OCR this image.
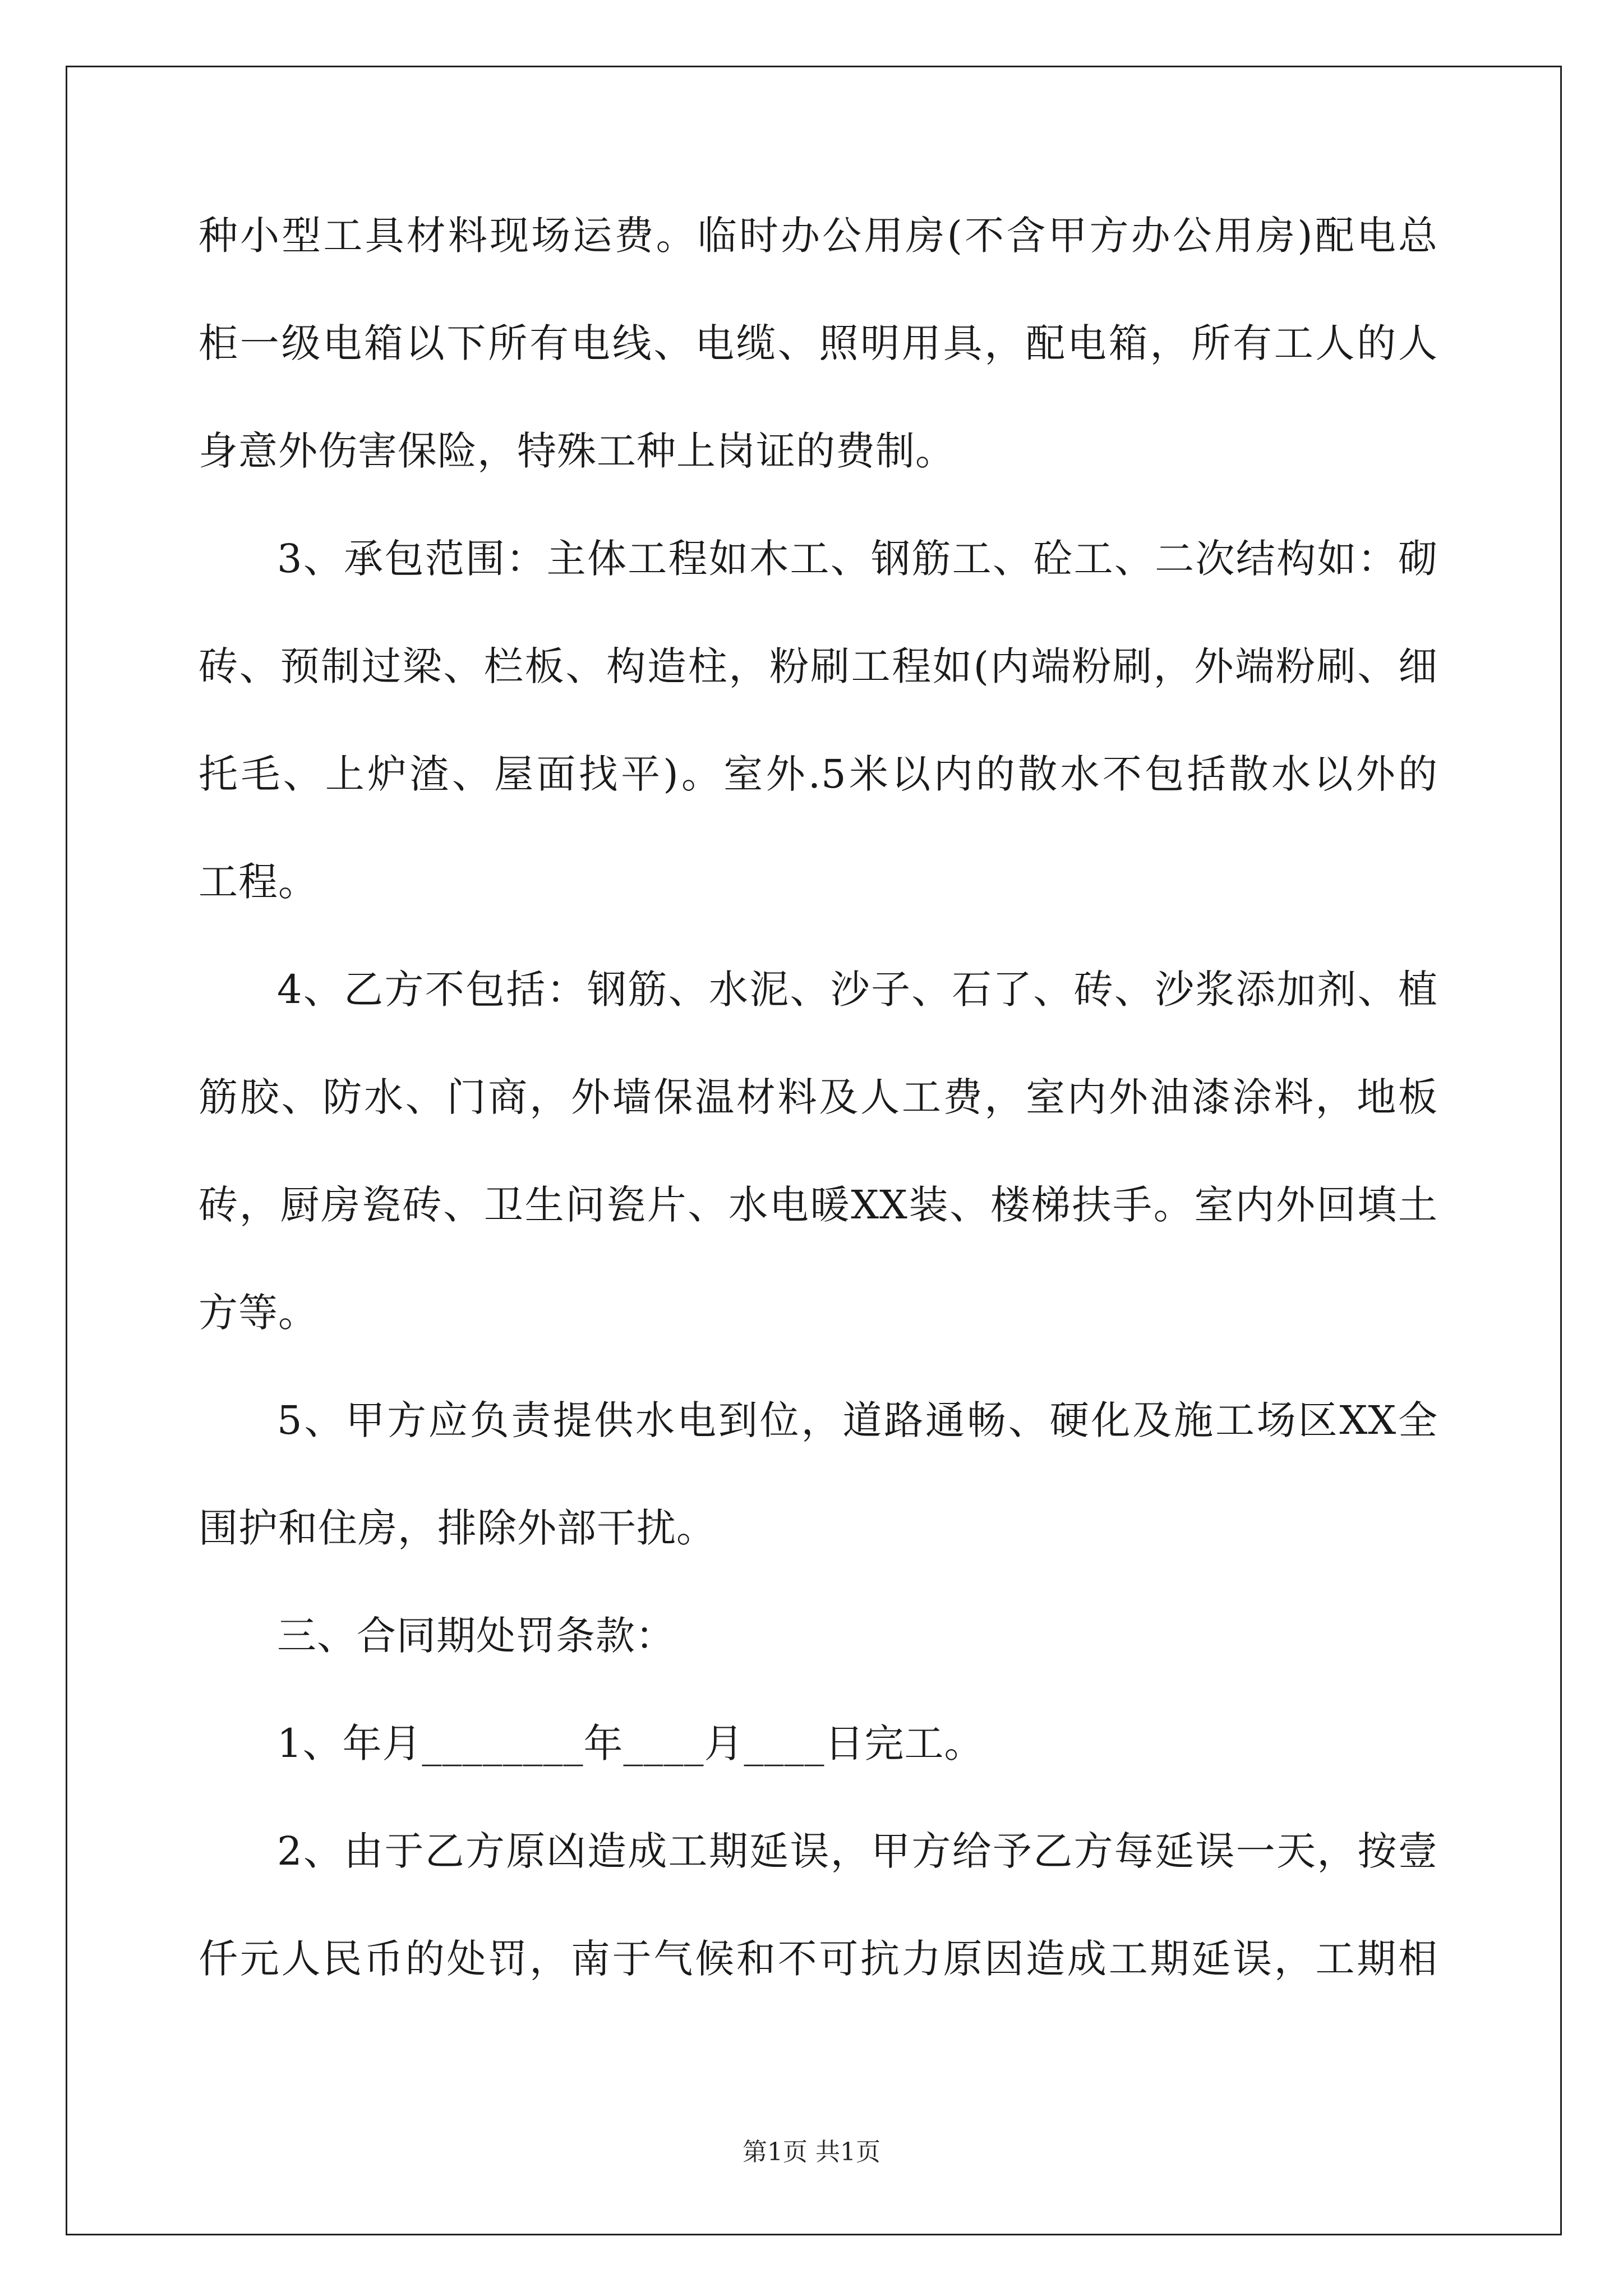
种小型工具材料现场运费。临时办公用房(不含甲方办公用房)配电总
柜一级电箱以下所有电线、电缆、照明用具，配电箱，所有工人的人
身意外伤害保险，特殊工种上岗证的费制。
3、承包范围：主体工程如木工、钢筋工、砼工、二次结构如：砌
砖、预制过梁、栏板、构造柱，粉刷工程如(内端粉刷，外端粉刷、细
托毛、上炉渣、屋面找平)。室外.5米以内的散水不包括散水以外的
工程。
4、乙方不包括：钢筋、水泥、沙子、石了、砖、沙浆添加剂、植
筋胶、防水、门商，外墙保温材料及人工费，室内外油漆涂料，地板
砖，厨房瓷砖、卫生问瓷片、水电暖XX装、楼梯扶手。室内外回填土
方等。
5、甲方应负责提供水电到位，道路通畅、硬化及施工场区XX全
围护和住房，排除外部干扰。
三、合同期处罚条款：
1、年月________年____月____日完工。
2、由于乙方原凶造成工期延误，甲方给予乙方每延误一天，按壹
仟元人民币的处罚，南于气候和不可抗力原因造成工期延误，工期相
第1页 共1页
